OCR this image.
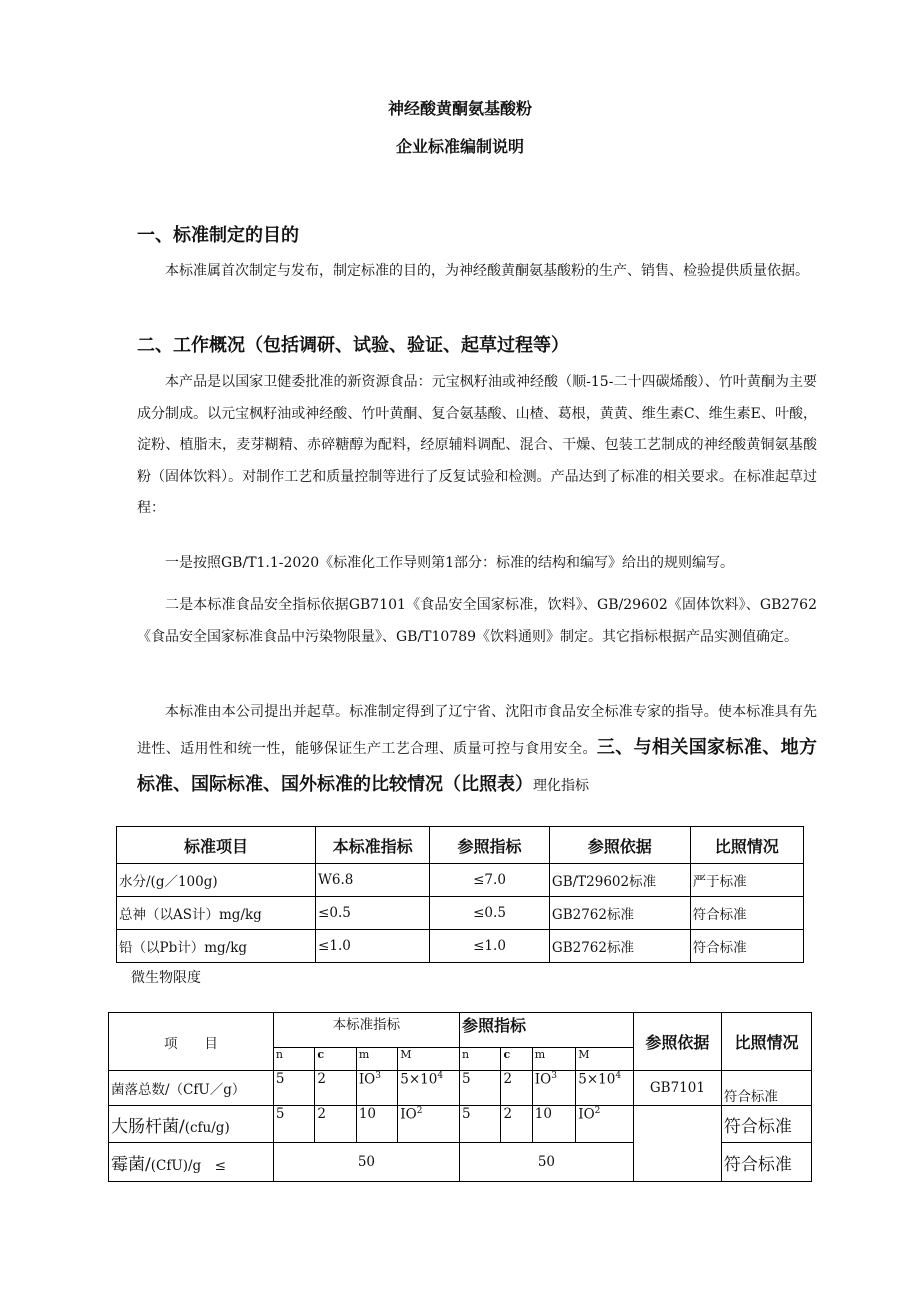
神经酸黄酮氨基酸粉
企业标准编制说明
一、标准制定的目的
本标准属首次制定与发布，制定标准的目的，为神经酸黄酮氨基酸粉的生产、销售、检验提供质量依据。
二、工作概况（包括调研、试验、验证、起草过程等）
本产品是以国家卫健委批准的新资源食品：元宝枫籽油或神经酸（顺-15-二十四碳烯酸）、竹叶黄酮为主要成分制成。以元宝枫籽油或神经酸、竹叶黄酮、复合氨基酸、山楂、葛根，黄黄、维生素C、维生素E、叶酸，淀粉、植脂末，麦芽糊精、赤碎糖醇为配料，经原辅料调配、混合、干燥、包装工艺制成的神经酸黄铜氨基酸粉（固体饮料）。对制作工艺和质量控制等进行了反复试验和检测。产品达到了标准的相关要求。在标准起草过程：
一是按照GB/T1.1-2020《标准化工作导则第1部分：标准的结构和编写》给出的规则编写。
二是本标准食品安全指标依据GB7101《食品安全国家标准，饮料》、GB/29602《固体饮料》、GB2762《食品安全国家标准食品中污染物限量》、GB/T10789《饮料通则》制定。其它指标根据产品实测值确定。
本标准由本公司提出并起草。标准制定得到了辽宁省、沈阳市食品安全标准专家的指导。使本标准具有先进性、适用性和统一性，能够保证生产工艺合理、质量可控与食用安全。三、与相关国家标准、地方标准、国际标准、国外标准的比较情况（比照表）理化指标
标准项目	本标准指标	参照指标	参照依据	比照情况
水分/(g／100g)	W6.8	≤7.0	GB/T29602标准	严于标准
总神（以AS计）mg/kg	≤0.5	≤0.5	GB2762标准	符合标准
铅（以Pb计）mg/kg	≤1.0	≤1.0	GB2762标准	符合标准
微生物限度
项　　目	本标准指标				参照指标				参照依据	比照情况
	n	c	m	M	n	c	m	M		
菌落总数/（CfU／g）	5	2	$IO^3$	$5\times 10^4$	5	2	$IO^3$	$5\times 10^4$	GB7101	符合标准
大肠杆菌/(cfu/g)	5	2	10	$IO^2$	5	2	10	$IO^2$		符合标准
霉菌/(CfU)/g　≤	50				50					符合标准
